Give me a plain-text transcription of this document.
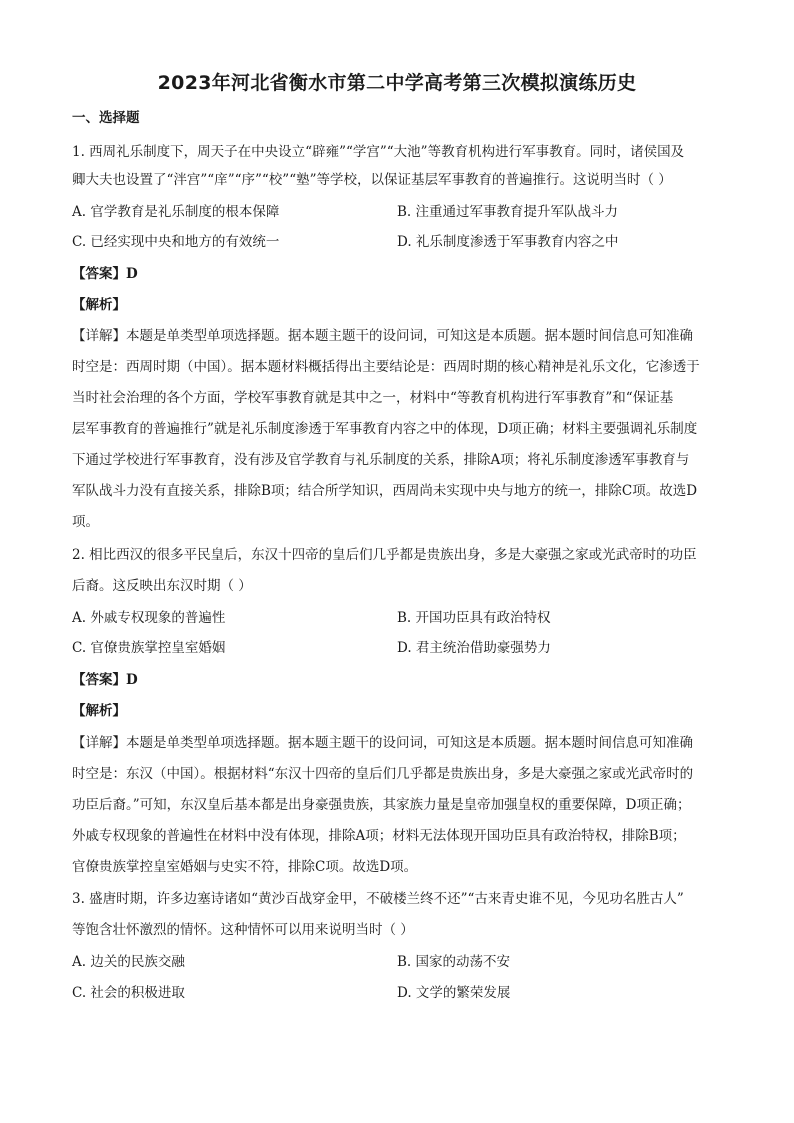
2023年河北省衡水市第二中学高考第三次模拟演练历史
一、选择题
1. 西周礼乐制度下，周天子在中央设立“辟雍”“学宫”“大池”等教育机构进行军事教育。同时，诸侯国及
卿大夫也设置了“泮宫”“庠”“序”“校”“塾”等学校，以保证基层军事教育的普遍推行。这说明当时（ ）
A. 官学教育是礼乐制度的根本保障	B. 注重通过军事教育提升军队战斗力
C. 已经实现中央和地方的有效统一	D. 礼乐制度渗透于军事教育内容之中
【答案】D
【解析】
【详解】本题是单类型单项选择题。据本题主题干的设问词，可知这是本质题。据本题时间信息可知准确
时空是：西周时期（中国）。据本题材料概括得出主要结论是：西周时期的核心精神是礼乐文化，它渗透于
当时社会治理的各个方面，学校军事教育就是其中之一，材料中“等教育机构进行军事教育”和“保证基
层军事教育的普遍推行”就是礼乐制度渗透于军事教育内容之中的体现，D项正确；材料主要强调礼乐制度
下通过学校进行军事教育，没有涉及官学教育与礼乐制度的关系，排除A项；将礼乐制度渗透军事教育与
军队战斗力没有直接关系，排除B项；结合所学知识，西周尚未实现中央与地方的统一，排除C项。故选D
项。
2. 相比西汉的很多平民皇后，东汉十四帝的皇后们几乎都是贵族出身，多是大豪强之家或光武帝时的功臣
后裔。这反映出东汉时期（ ）
A. 外戚专权现象的普遍性	B. 开国功臣具有政治特权
C. 官僚贵族掌控皇室婚姻	D. 君主统治借助豪强势力
【答案】D
【解析】
【详解】本题是单类型单项选择题。据本题主题干的设问词，可知这是本质题。据本题时间信息可知准确
时空是：东汉（中国）。根据材料“东汉十四帝的皇后们几乎都是贵族出身，多是大豪强之家或光武帝时的
功臣后裔。”可知，东汉皇后基本都是出身豪强贵族，其家族力量是皇帝加强皇权的重要保障，D项正确；
外戚专权现象的普遍性在材料中没有体现，排除A项；材料无法体现开国功臣具有政治特权，排除B项；
官僚贵族掌控皇室婚姻与史实不符，排除C项。故选D项。
3. 盛唐时期，许多边塞诗诸如“黄沙百战穿金甲，不破楼兰终不还”“古来青史谁不见，今见功名胜古人”
等饱含壮怀激烈的情怀。这种情怀可以用来说明当时（ ）
A. 边关的民族交融	B. 国家的动荡不安
C. 社会的积极进取	D. 文学的繁荣发展
